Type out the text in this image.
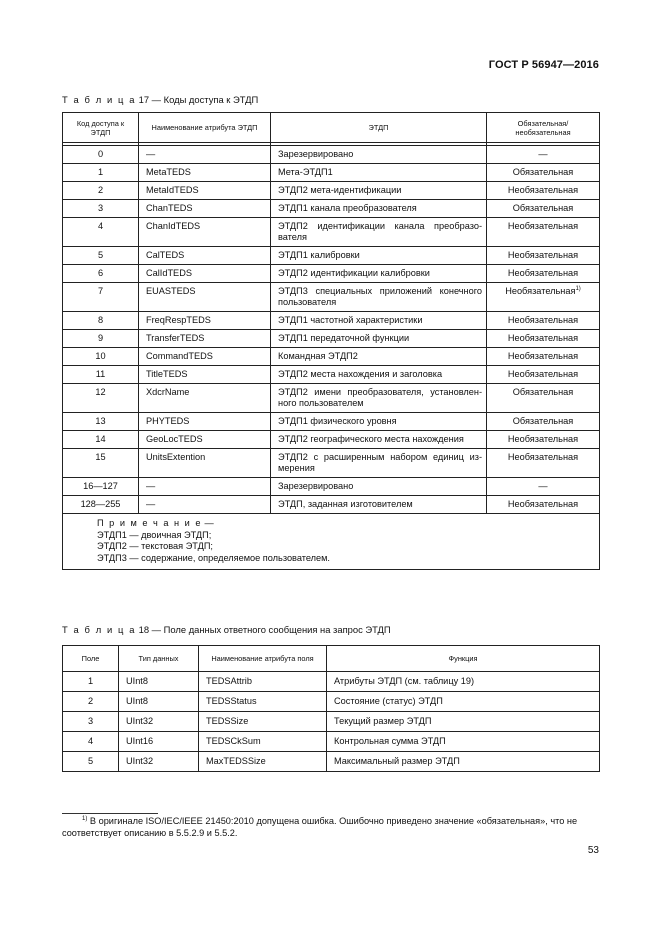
ГОСТ Р 56947—2016
Т а б л и ц а 17 — Коды доступа к ЭТДП
Код доступа к ЭТДП	Наименование атрибута ЭТДП	ЭТДП	Обязательная/ необязательная

0	—	Зарезервировано	—
1	MetaTEDS	Мета-ЭТДП1	Обязательная
2	MetaIdTEDS	ЭТДП2 мета-идентификации	Необязательная
3	ChanTEDS	ЭТДП1 канала преобразователя	Обязательная
4	ChanIdTEDS	ЭТДП2 идентификации канала преобразователя	Необязательная
5	CalTEDS	ЭТДП1 калибровки	Необязательная
6	CalIdTEDS	ЭТДП2 идентификации калибровки	Необязательная
7	EUASTEDS	ЭТДП3 специальных приложений конечного пользователя	Необязательная$^{1)}$
8	FreqRespTEDS	ЭТДП1 частотной характеристики	Необязательная
9	TransferTEDS	ЭТДП1 передаточной функции	Необязательная
10	CommandTEDS	Командная ЭТДП2	Необязательная
11	TitleTEDS	ЭТДП2 места нахождения и заголовка	Необязательная
12	XdcrName	ЭТДП2 имени преобразователя, установленного пользователем	Обязательная
13	PHYTEDS	ЭТДП1 физического уровня	Обязательная
14	GeoLocTEDS	ЭТДП2 географического места нахождения	Необязательная
15	UnitsExtention	ЭТДП2 с расширенным набором единиц измерения	Необязательная
16—127	—	Зарезервировано	—
128—255	—	ЭТДП, заданная изготовителем	Необязательная

П р и м е ч а н и е —
ЭТДП1 — двоичная ЭТДП;
ЭТДП2 — текстовая ЭТДП;
ЭТДП3 — содержание, определяемое пользователем.			
Т а б л и ц а 18 — Поле данных ответного сообщения на запрос ЭТДП
Поле	Тип данных	Наименование атрибута поля	Функция
1	UInt8	TEDSAttrib	Атрибуты ЭТДП (см. таблицу 19)
2	UInt8	TEDSStatus	Состояние (статус) ЭТДП
3	UInt32	TEDSSize	Текущий размер ЭТДП
4	UInt16	TEDSCkSum	Контрольная сумма ЭТДП
5	UInt32	MaxTEDSSize	Максимальный размер ЭТДП
$^{1)}$ В оригинале ISO/IEC/IEEE 21450:2010 допущена ошибка. Ошибочно приведено значение «обязательная», что не соответствует описанию в 5.5.2.9 и 5.5.2.
53
